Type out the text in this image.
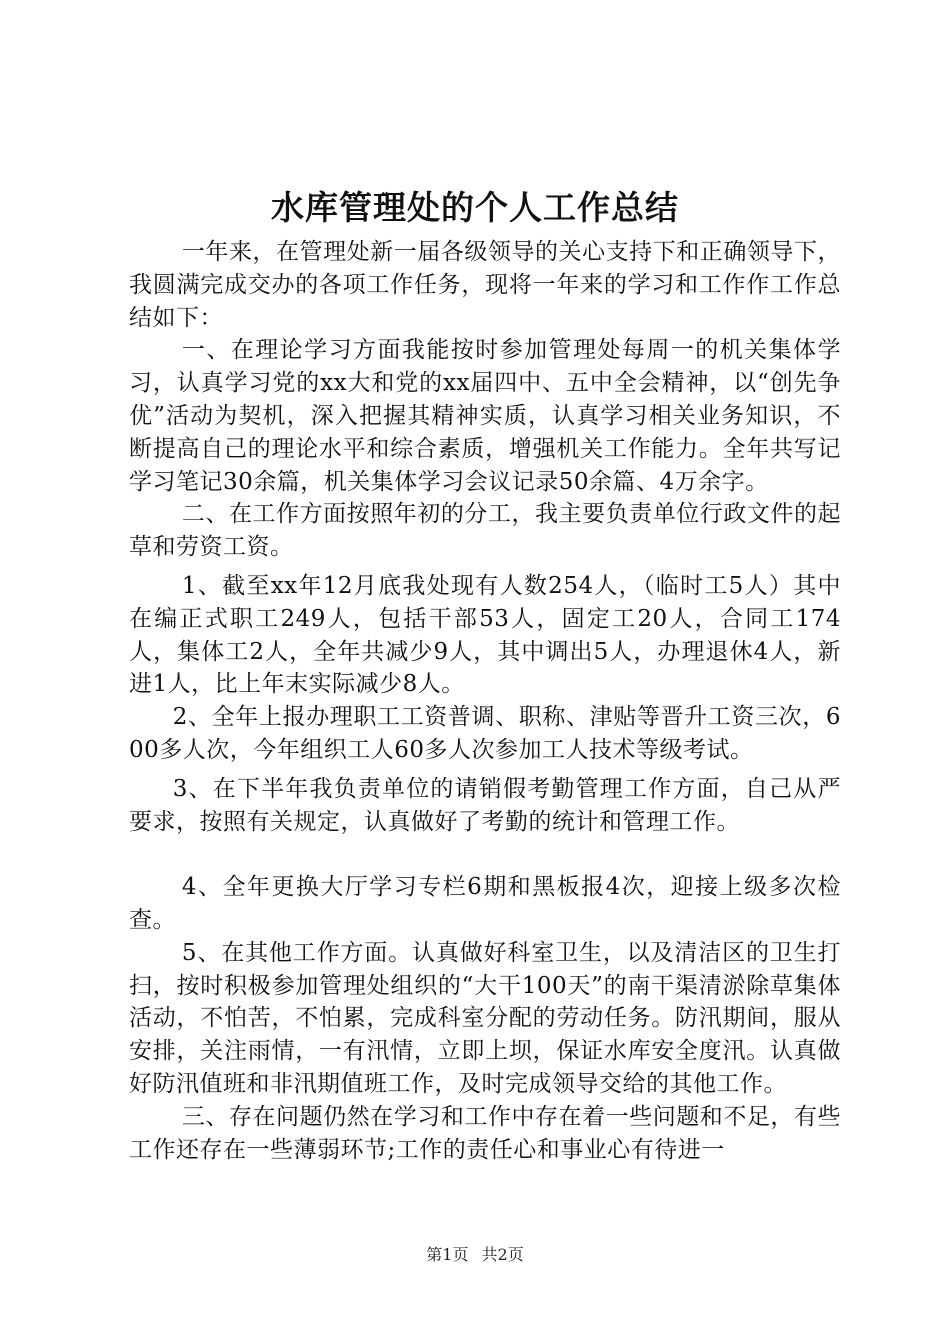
水库管理处的个人工作总结

一年来，在管理处新一届各级领导的关心支持下和正确领导下，我圆满完成交办的各项工作任务，现将一年来的学习和工作作工作总结如下：

一、在理论学习方面我能按时参加管理处每周一的机关集体学习，认真学习党的xx大和党的xx届四中、五中全会精神，以“创先争优”活动为契机，深入把握其精神实质，认真学习相关业务知识，不断提高自己的理论水平和综合素质，增强机关工作能力。全年共写记学习笔记30余篇，机关集体学习会议记录50余篇、4万余字。

二、在工作方面按照年初的分工，我主要负责单位行政文件的起草和劳资工资。

1、截至xx年12月底我处现有人数254人，（临时工5人）其中在编正式职工249人，包括干部53人，固定工20人，合同工174人，集体工2人，全年共减少9人，其中调出5人，办理退休4人，新进1人，比上年末实际减少8人。

2、全年上报办理职工工资普调、职称、津贴等晋升工资三次，600多人次，今年组织工人60多人次参加工人技术等级考试。

3、在下半年我负责单位的请销假考勤管理工作方面，自己从严要求，按照有关规定，认真做好了考勤的统计和管理工作。

4、全年更换大厅学习专栏6期和黑板报4次，迎接上级多次检查。

5、在其他工作方面。认真做好科室卫生，以及清洁区的卫生打扫，按时积极参加管理处组织的“大干100天”的南干渠清淤除草集体活动，不怕苦，不怕累，完成科室分配的劳动任务。防汛期间，服从安排，关注雨情，一有汛情，立即上坝，保证水库安全度汛。认真做好防汛值班和非汛期值班工作，及时完成领导交给的其他工作。

三、存在问题仍然在学习和工作中存在着一些问题和不足，有些工作还存在一些薄弱环节;工作的责任心和事业心有待进一

第1页 共2页
